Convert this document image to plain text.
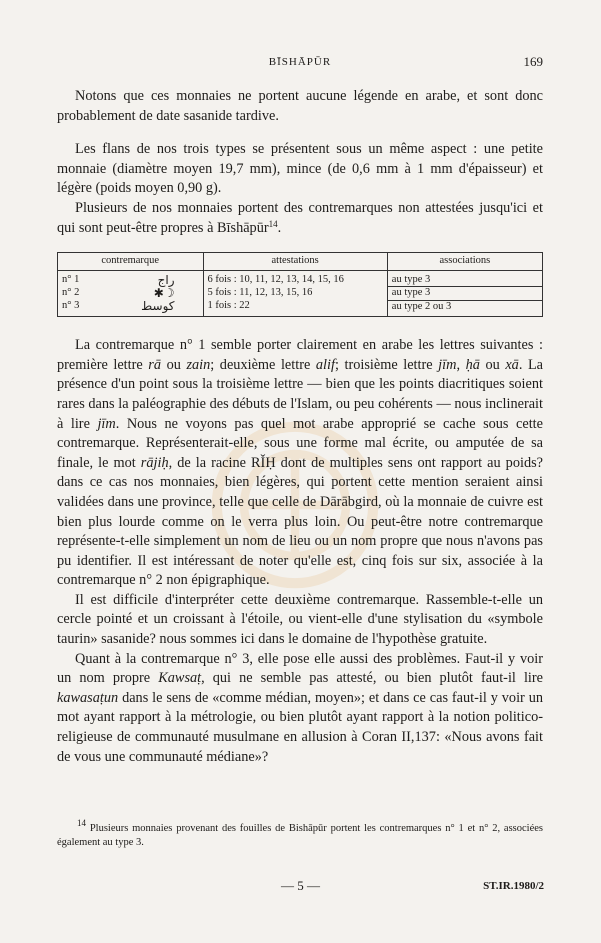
BĪSHĀPŪR	169

Notons que ces monnaies ne portent aucune légende en arabe, et sont donc probablement de date sasanide tardive.

Les flans de nos trois types se présentent sous un même aspect : une petite monnaie (diamètre moyen 19,7 mm), mince (de 0,6 mm à 1 mm d'épaisseur) et légère (poids moyen 0,90 g).

Plusieurs de nos monnaies portent des contremarques non attestées jusqu'ici et qui sont peut-être propres à Bīshāpūr$^{14}$.

contremarque	attestations	associations

n° 1 راج	6 fois : 10, 11, 12, 13, 14, 15, 16	au type 3

n° 2 ☽✱	5 fois : 11, 12, 13, 15, 16	au type 3

n° 3 كوسط	1 fois : 22	au type 2 ou 3

La contremarque n° 1 semble porter clairement en arabe les lettres suivantes : première lettre rā ou zain; deuxième lettre alif; troisième lettre jīm, ḥā ou xā. La présence d'un point sous la troisième lettre — bien que les points diacritiques soient rares dans la paléographie des débuts de l'Islam, ou peu cohérents — nous inclinerait à lire jīm. Nous ne voyons pas quel mot arabe approprié se cache sous cette contremarque. Représenterait-elle, sous une forme mal écrite, ou amputée de sa finale, le mot rājiḥ, de la racine RǏḤ dont de multiples sens ont rapport au poids? dans ce cas nos monnaies, bien légères, qui portent cette mention seraient ainsi validées dans une province, telle que celle de Dārābgird, où la monnaie de cuivre est bien plus lourde comme on le verra plus loin. Ou peut-être notre contremarque représente-t-elle simplement un nom de lieu ou un nom propre que nous n'avons pas pu identifier. Il est intéressant de noter qu'elle est, cinq fois sur six, associée à la contremarque n° 2 non épigraphique.

Il est difficile d'interpréter cette deuxième contremarque. Rassemble-t-elle un cercle pointé et un croissant à l'étoile, ou vient-elle d'une stylisation du «symbole taurin» sasanide? nous sommes ici dans le domaine de l'hypothèse gratuite.

Quant à la contremarque n° 3, elle pose elle aussi des problèmes. Faut-il y voir un nom propre Kawsaṭ, qui ne semble pas attesté, ou bien plutôt faut-il lire kawasaṭun dans le sens de «comme médian, moyen»; et dans ce cas faut-il y voir un mot ayant rapport à la métrologie, ou bien plutôt ayant rapport à la notion politico-religieuse de communauté musulmane en allusion à Coran II,137: «Nous avons fait de vous une communauté médiane»?

$^{14}$ Plusieurs monnaies provenant des fouilles de Bishāpūr portent les contremarques n° 1 et n° 2, associées également au type 3.
— 5 —	ST.IR.1980/2
